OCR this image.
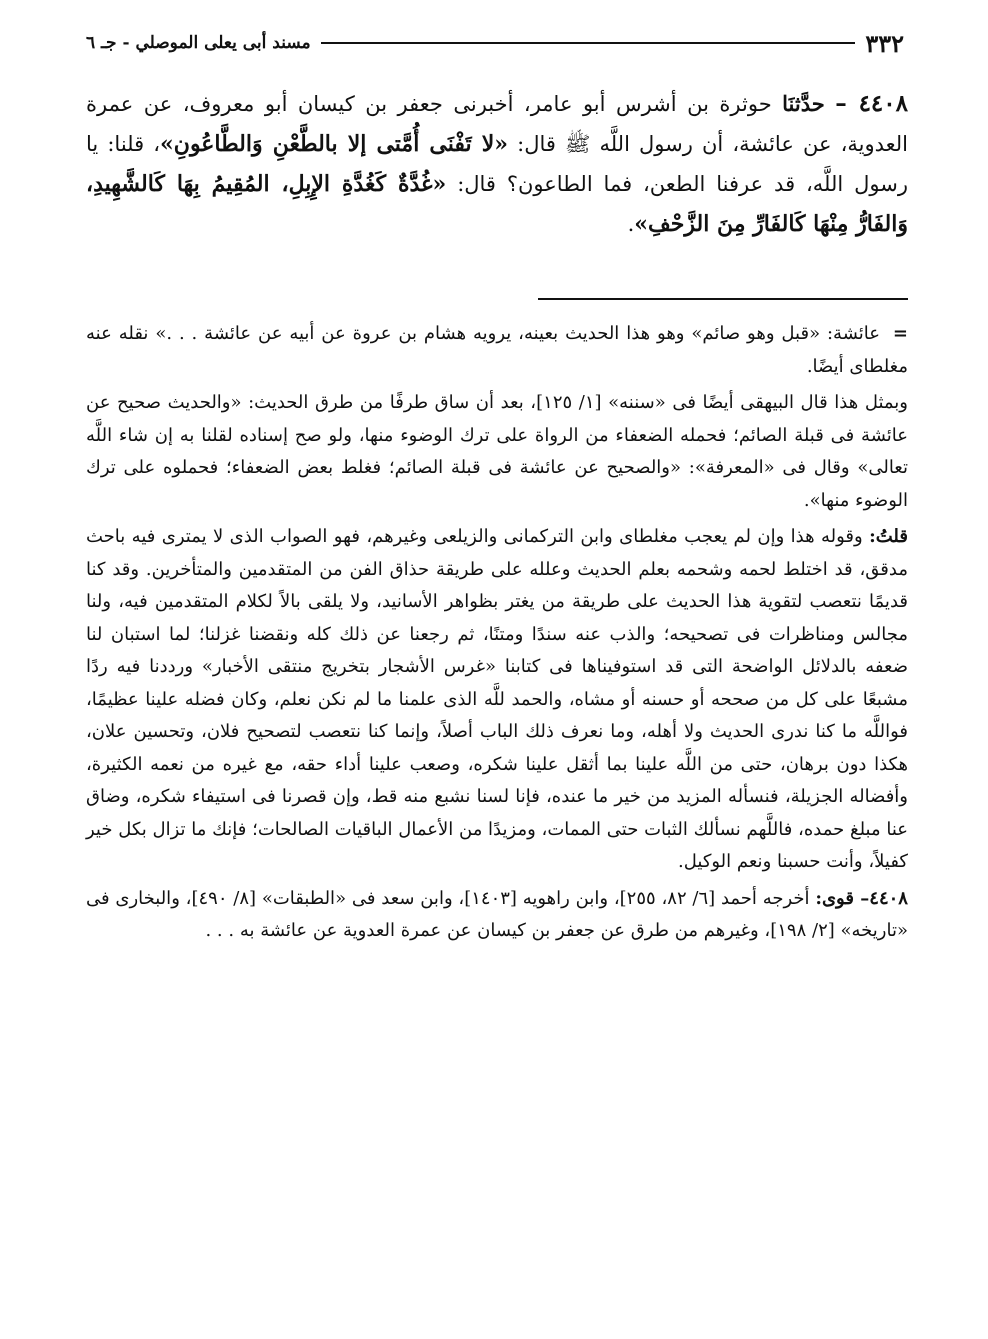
٣٣٢
مسند أبى يعلى الموصلي - جـ ٦

٤٤٠٨ – حدَّثنَا حوثرة بن أشرس أبو عامر، أخبرنى جعفر بن كيسان أبو معروف، عن عمرة العدوية، عن عائشة، أن رسول اللَّه ﷺ قال: «لا تَفْنَى أُمَّتى إلا بالطَّعْنِ وَالطَّاعُونِ»، قلنا: يا رسول اللَّه، قد عرفنا الطعن، فما الطاعون؟ قال: «غُدَّةٌ كَغُدَّةِ الإِبِلِ، المُقِيمُ بِهَا كَالشَّهِيدِ، وَالفَارُّ مِنْهَا كَالفَارِّ مِنَ الزَّحْفِ».

= عائشة: «قبل وهو صائم» وهو هذا الحديث بعينه، يرويه هشام بن عروة عن أبيه عن عائشة . . .» نقله عنه مغلطاى أيضًا.

وبمثل هذا قال البيهقى أيضًا فى «سننه» [١/ ١٢٥]، بعد أن ساق طرفًا من طرق الحديث: «والحديث صحيح عن عائشة فى قبلة الصائم؛ فحمله الضعفاء من الرواة على ترك الوضوء منها، ولو صح إسناده لقلنا به إن شاء اللَّه تعالى» وقال فى «المعرفة»: «والصحيح عن عائشة فى قبلة الصائم؛ فغلط بعض الضعفاء؛ فحملوه على ترك الوضوء منها».

قلتُ: وقوله هذا وإن لم يعجب مغلطاى وابن التركمانى والزيلعى وغيرهم، فهو الصواب الذى لا يمترى فيه باحث مدقق، قد اختلط لحمه وشحمه بعلم الحديث وعلله على طريقة حذاق الفن من المتقدمين والمتأخرين. وقد كنا قديمًا نتعصب لتقوية هذا الحديث على طريقة من يغتر بظواهر الأسانيد، ولا يلقى بالاً لكلام المتقدمين فيه، ولنا مجالس ومناظرات فى تصحيحه؛ والذب عنه سندًا ومتنًا، ثم رجعنا عن ذلك كله ونقضنا غزلنا؛ لما استبان لنا ضعفه بالدلائل الواضحة التى قد استوفيناها فى كتابنا «غرس الأشجار بتخريج منتقى الأخبار» ورددنا فيه ردًا مشبعًا على كل من صححه أو حسنه أو مشاه، والحمد للَّه الذى علمنا ما لم نكن نعلم، وكان فضله علينا عظيمًا، فواللَّه ما كنا ندرى الحديث ولا أهله، وما نعرف ذلك الباب أصلاً، وإنما كنا نتعصب لتصحيح فلان، وتحسين علان، هكذا دون برهان، حتى من اللَّه علينا بما أثقل علينا شكره، وصعب علينا أداء حقه، مع غيره من نعمه الكثيرة، وأفضاله الجزيلة، فنسأله المزيد من خير ما عنده، فإنا لسنا نشبع منه قط، وإن قصرنا فى استيفاء شكره، وضاق عنا مبلغ حمده، فاللَّهم نسألك الثبات حتى الممات، ومزيدًا من الأعمال الباقيات الصالحات؛ فإنك ما تزال بكل خير كفيلاً، وأنت حسبنا ونعم الوكيل.

٤٤٠٨– قوى: أخرجه أحمد [٦/ ٨٢، ٢٥٥]، وابن راهويه [١٤٠٣]، وابن سعد فى «الطبقات» [٨/ ٤٩٠]، والبخارى فى «تاريخه» [٢/ ١٩٨]، وغيرهم من طرق عن جعفر بن كيسان عن عمرة العدوية عن عائشة به . . .
